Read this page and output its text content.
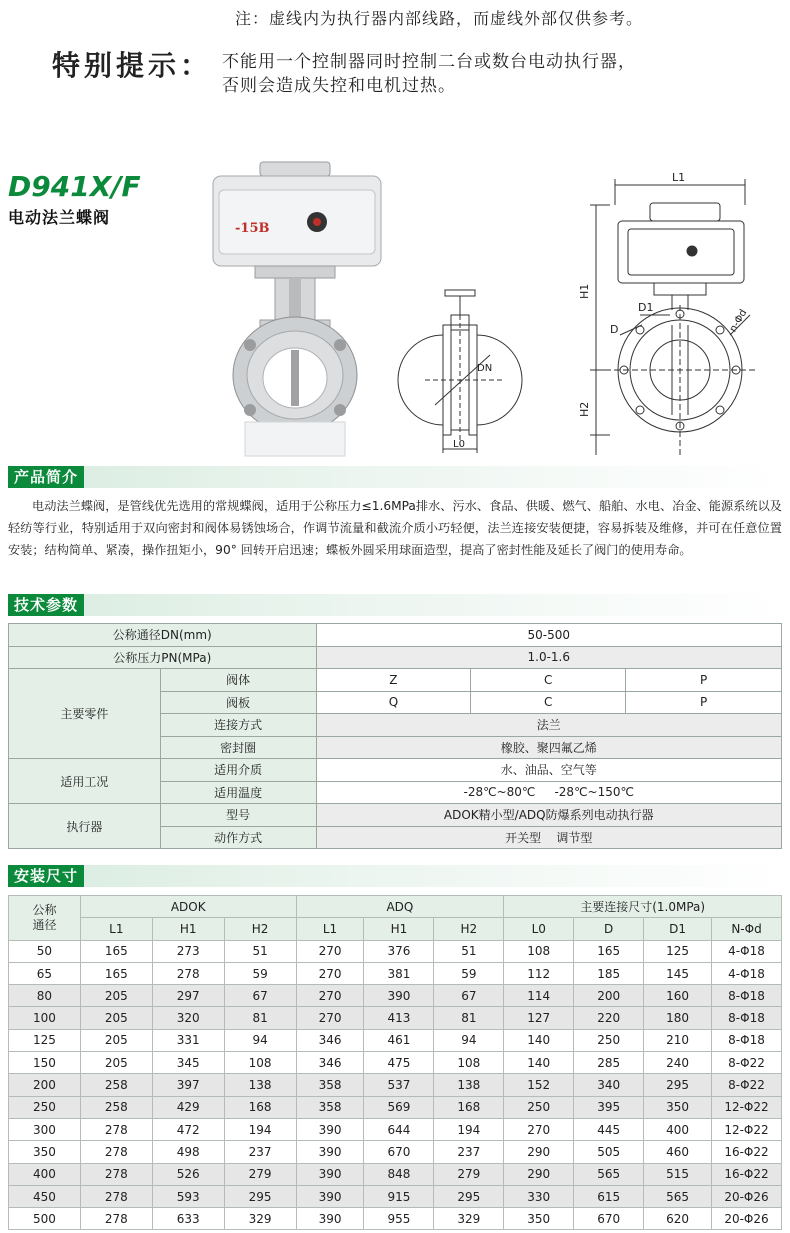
注：虚线内为执行器内部线路，而虚线外部仅供参考。
特别提示： 不能用一个控制器同时控制二台或数台电动执行器，
否则会造成失控和电机过热。
D941X/F
电动法兰蝶阀
-15B
DN
L0
L1
H1
H2
D
D1
n-Φd
产品简介
电动法兰蝶阀，是管线优先选用的常规蝶阀，适用于公称压力≤1.6MPa排水、污水、食品、供暖、燃气、船舶、水电、冶金、能源系统以及轻纺等行业，特别适用于双向密封和阀体易锈蚀场合，作调节流量和截流介质小巧轻便，法兰连接安装便捷，容易拆装及维修，并可在任意位置安装；结构简单、紧凑，操作扭矩小，90° 回转开启迅速；蝶板外圆采用球面造型，提高了密封性能及延长了阀门的使用寿命。
技术参数
公称通径DN(mm)		50-500		
公称压力PN(MPa)		1.0-1.6		
主要零件	阀体	Z	C	P
	阀板	Q	C	P
	连接方式	法兰		
	密封圈	橡胶、聚四氟乙烯		
适用工况	适用介质	水、油品、空气等		
	适用温度	-28℃~80℃     -28℃~150℃		
执行器	型号	ADOK精小型/ADQ防爆系列电动执行器		
	动作方式	开关型    调节型		
安装尺寸
公称
通径	ADOK			ADQ			主要连接尺寸(1.0MPa)			
	L1	H1	H2	L1	H1	H2	L0	D	D1	N-Φd
50	165	273	51	270	376	51	108	165	125	4-Φ18
65	165	278	59	270	381	59	112	185	145	4-Φ18
80	205	297	67	270	390	67	114	200	160	8-Φ18
100	205	320	81	270	413	81	127	220	180	8-Φ18
125	205	331	94	346	461	94	140	250	210	8-Φ18
150	205	345	108	346	475	108	140	285	240	8-Φ22
200	258	397	138	358	537	138	152	340	295	8-Φ22
250	258	429	168	358	569	168	250	395	350	12-Φ22
300	278	472	194	390	644	194	270	445	400	12-Φ22
350	278	498	237	390	670	237	290	505	460	16-Φ22
400	278	526	279	390	848	279	290	565	515	16-Φ22
450	278	593	295	390	915	295	330	615	565	20-Φ26
500	278	633	329	390	955	329	350	670	620	20-Φ26
